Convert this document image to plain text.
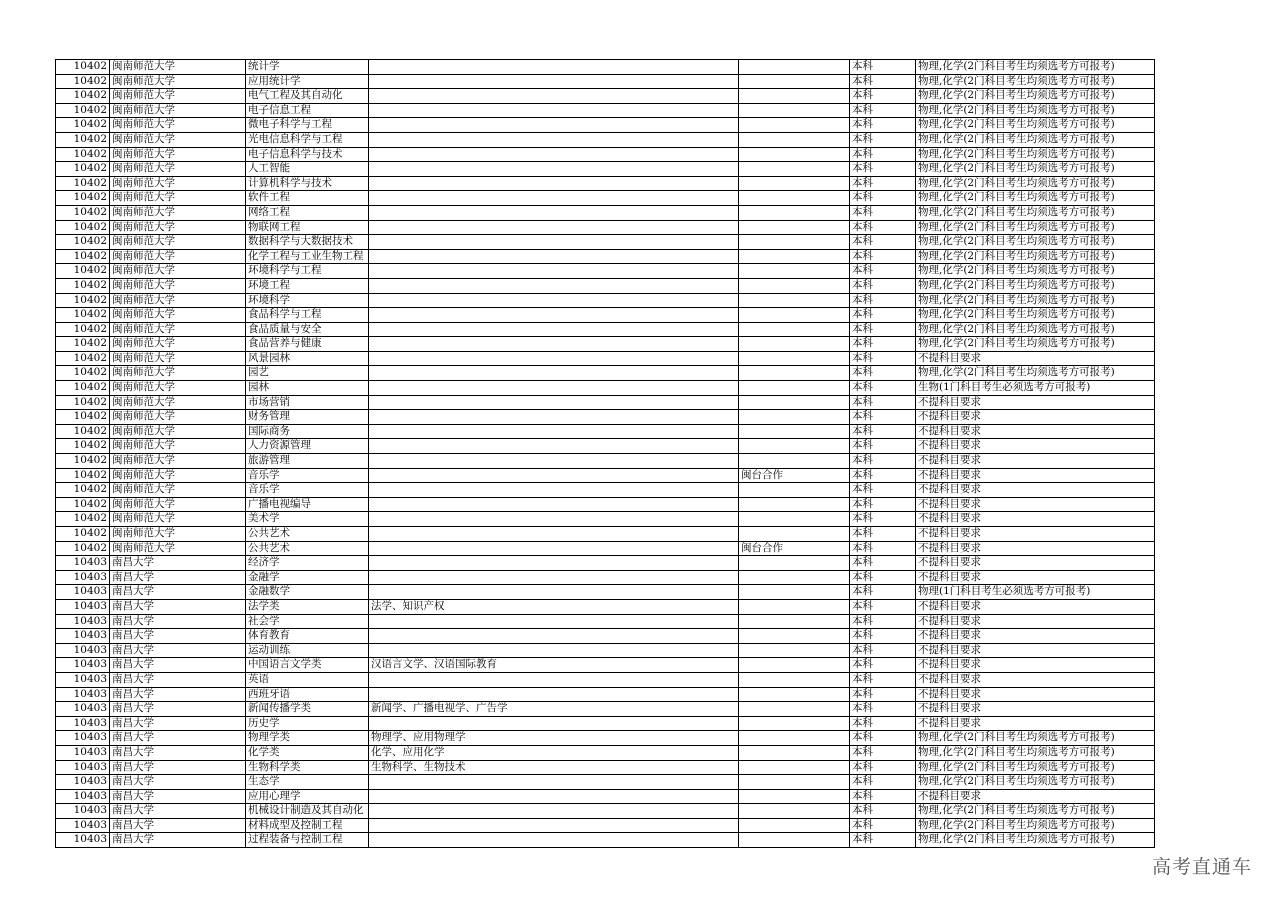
10402	闽南师范大学	统计学			本科	物理,化学(2门科目考生均须选考方可报考)
10402	闽南师范大学	应用统计学			本科	物理,化学(2门科目考生均须选考方可报考)
10402	闽南师范大学	电气工程及其自动化			本科	物理,化学(2门科目考生均须选考方可报考)
10402	闽南师范大学	电子信息工程			本科	物理,化学(2门科目考生均须选考方可报考)
10402	闽南师范大学	微电子科学与工程			本科	物理,化学(2门科目考生均须选考方可报考)
10402	闽南师范大学	光电信息科学与工程			本科	物理,化学(2门科目考生均须选考方可报考)
10402	闽南师范大学	电子信息科学与技术			本科	物理,化学(2门科目考生均须选考方可报考)
10402	闽南师范大学	人工智能			本科	物理,化学(2门科目考生均须选考方可报考)
10402	闽南师范大学	计算机科学与技术			本科	物理,化学(2门科目考生均须选考方可报考)
10402	闽南师范大学	软件工程			本科	物理,化学(2门科目考生均须选考方可报考)
10402	闽南师范大学	网络工程			本科	物理,化学(2门科目考生均须选考方可报考)
10402	闽南师范大学	物联网工程			本科	物理,化学(2门科目考生均须选考方可报考)
10402	闽南师范大学	数据科学与大数据技术			本科	物理,化学(2门科目考生均须选考方可报考)
10402	闽南师范大学	化学工程与工业生物工程			本科	物理,化学(2门科目考生均须选考方可报考)
10402	闽南师范大学	环境科学与工程			本科	物理,化学(2门科目考生均须选考方可报考)
10402	闽南师范大学	环境工程			本科	物理,化学(2门科目考生均须选考方可报考)
10402	闽南师范大学	环境科学			本科	物理,化学(2门科目考生均须选考方可报考)
10402	闽南师范大学	食品科学与工程			本科	物理,化学(2门科目考生均须选考方可报考)
10402	闽南师范大学	食品质量与安全			本科	物理,化学(2门科目考生均须选考方可报考)
10402	闽南师范大学	食品营养与健康			本科	物理,化学(2门科目考生均须选考方可报考)
10402	闽南师范大学	风景园林			本科	不提科目要求
10402	闽南师范大学	园艺			本科	物理,化学(2门科目考生均须选考方可报考)
10402	闽南师范大学	园林			本科	生物(1门科目考生必须选考方可报考)
10402	闽南师范大学	市场营销			本科	不提科目要求
10402	闽南师范大学	财务管理			本科	不提科目要求
10402	闽南师范大学	国际商务			本科	不提科目要求
10402	闽南师范大学	人力资源管理			本科	不提科目要求
10402	闽南师范大学	旅游管理			本科	不提科目要求
10402	闽南师范大学	音乐学		闽台合作	本科	不提科目要求
10402	闽南师范大学	音乐学			本科	不提科目要求
10402	闽南师范大学	广播电视编导			本科	不提科目要求
10402	闽南师范大学	美术学			本科	不提科目要求
10402	闽南师范大学	公共艺术			本科	不提科目要求
10402	闽南师范大学	公共艺术		闽台合作	本科	不提科目要求
10403	南昌大学	经济学			本科	不提科目要求
10403	南昌大学	金融学			本科	不提科目要求
10403	南昌大学	金融数学			本科	物理(1门科目考生必须选考方可报考)
10403	南昌大学	法学类	法学、知识产权		本科	不提科目要求
10403	南昌大学	社会学			本科	不提科目要求
10403	南昌大学	体育教育			本科	不提科目要求
10403	南昌大学	运动训练			本科	不提科目要求
10403	南昌大学	中国语言文学类	汉语言文学、汉语国际教育		本科	不提科目要求
10403	南昌大学	英语			本科	不提科目要求
10403	南昌大学	西班牙语			本科	不提科目要求
10403	南昌大学	新闻传播学类	新闻学、广播电视学、广告学		本科	不提科目要求
10403	南昌大学	历史学			本科	不提科目要求
10403	南昌大学	物理学类	物理学、应用物理学		本科	物理,化学(2门科目考生均须选考方可报考)
10403	南昌大学	化学类	化学、应用化学		本科	物理,化学(2门科目考生均须选考方可报考)
10403	南昌大学	生物科学类	生物科学、生物技术		本科	物理,化学(2门科目考生均须选考方可报考)
10403	南昌大学	生态学			本科	物理,化学(2门科目考生均须选考方可报考)
10403	南昌大学	应用心理学			本科	不提科目要求
10403	南昌大学	机械设计制造及其自动化			本科	物理,化学(2门科目考生均须选考方可报考)
10403	南昌大学	材料成型及控制工程			本科	物理,化学(2门科目考生均须选考方可报考)
10403	南昌大学	过程装备与控制工程			本科	物理,化学(2门科目考生均须选考方可报考)
高考直通车
